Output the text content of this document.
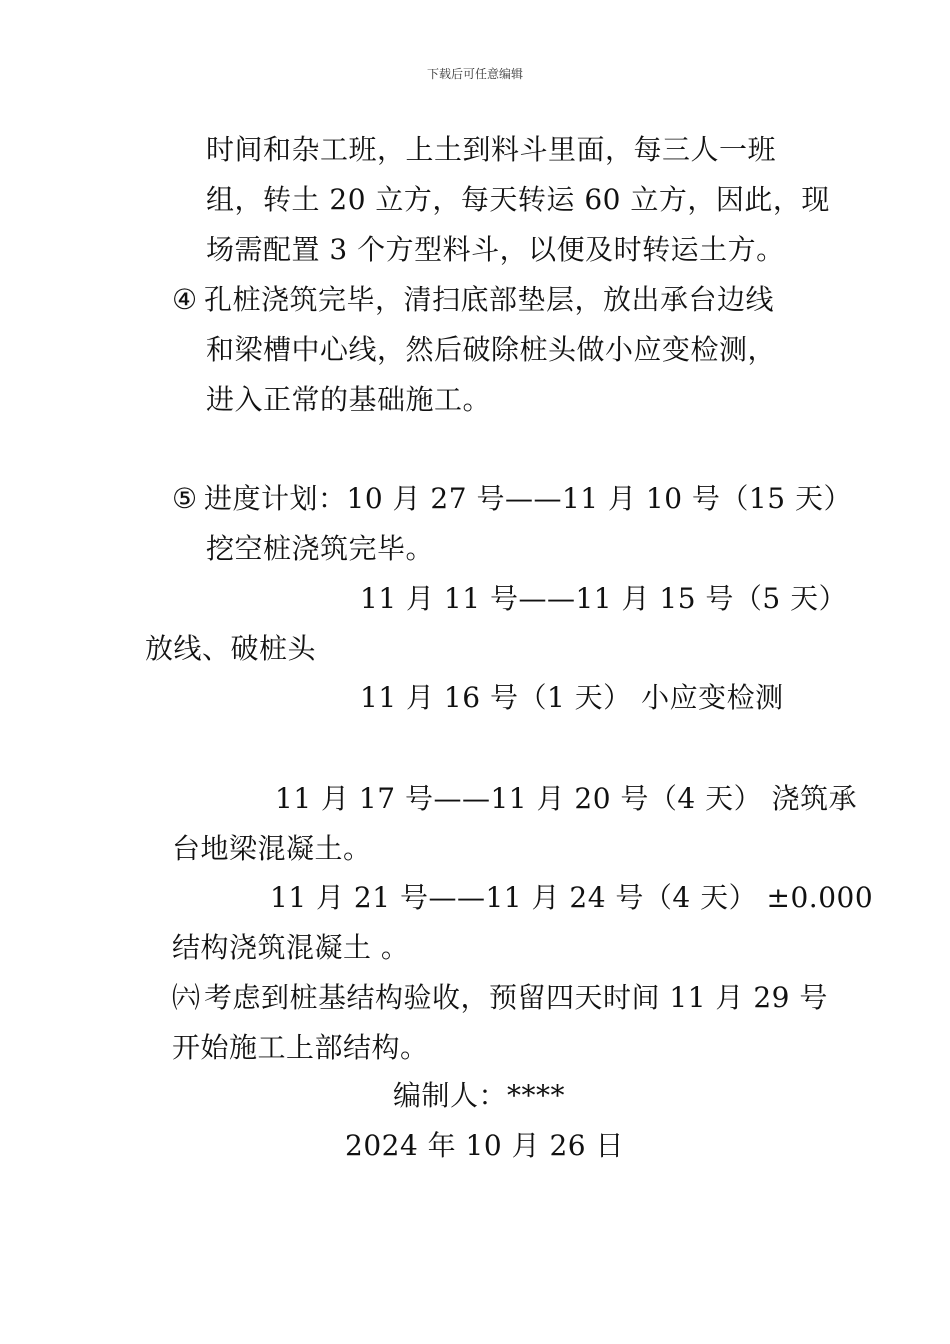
下载后可任意编辑
时间和杂工班，上土到料斗里面，每三人一班
组，转土 20 立方，每天转运 60 立方，因此，现
场需配置 3 个方型料斗，以便及时转运土方。
④ 孔桩浇筑完毕，清扫底部垫层，放出承台边线
和梁槽中心线，然后破除桩头做小应变检测，
进入正常的基础施工。
⑤ 进度计划：10 月 27 号——11 月 10 号（15 天）
挖空桩浇筑完毕。
11 月 11 号——11 月 15 号（5 天）
放线、破桩头
11 月 16 号（1 天） 小应变检测
11 月 17 号——11 月 20 号（4 天） 浇筑承
台地梁混凝土。
11 月 21 号——11 月 24 号（4 天） ±0.000
结构浇筑混凝土 。
㈥ 考虑到桩基结构验收，预留四天时间 11 月 29 号
开始施工上部结构。
编制人：****
2024 年 10 月 26 日
